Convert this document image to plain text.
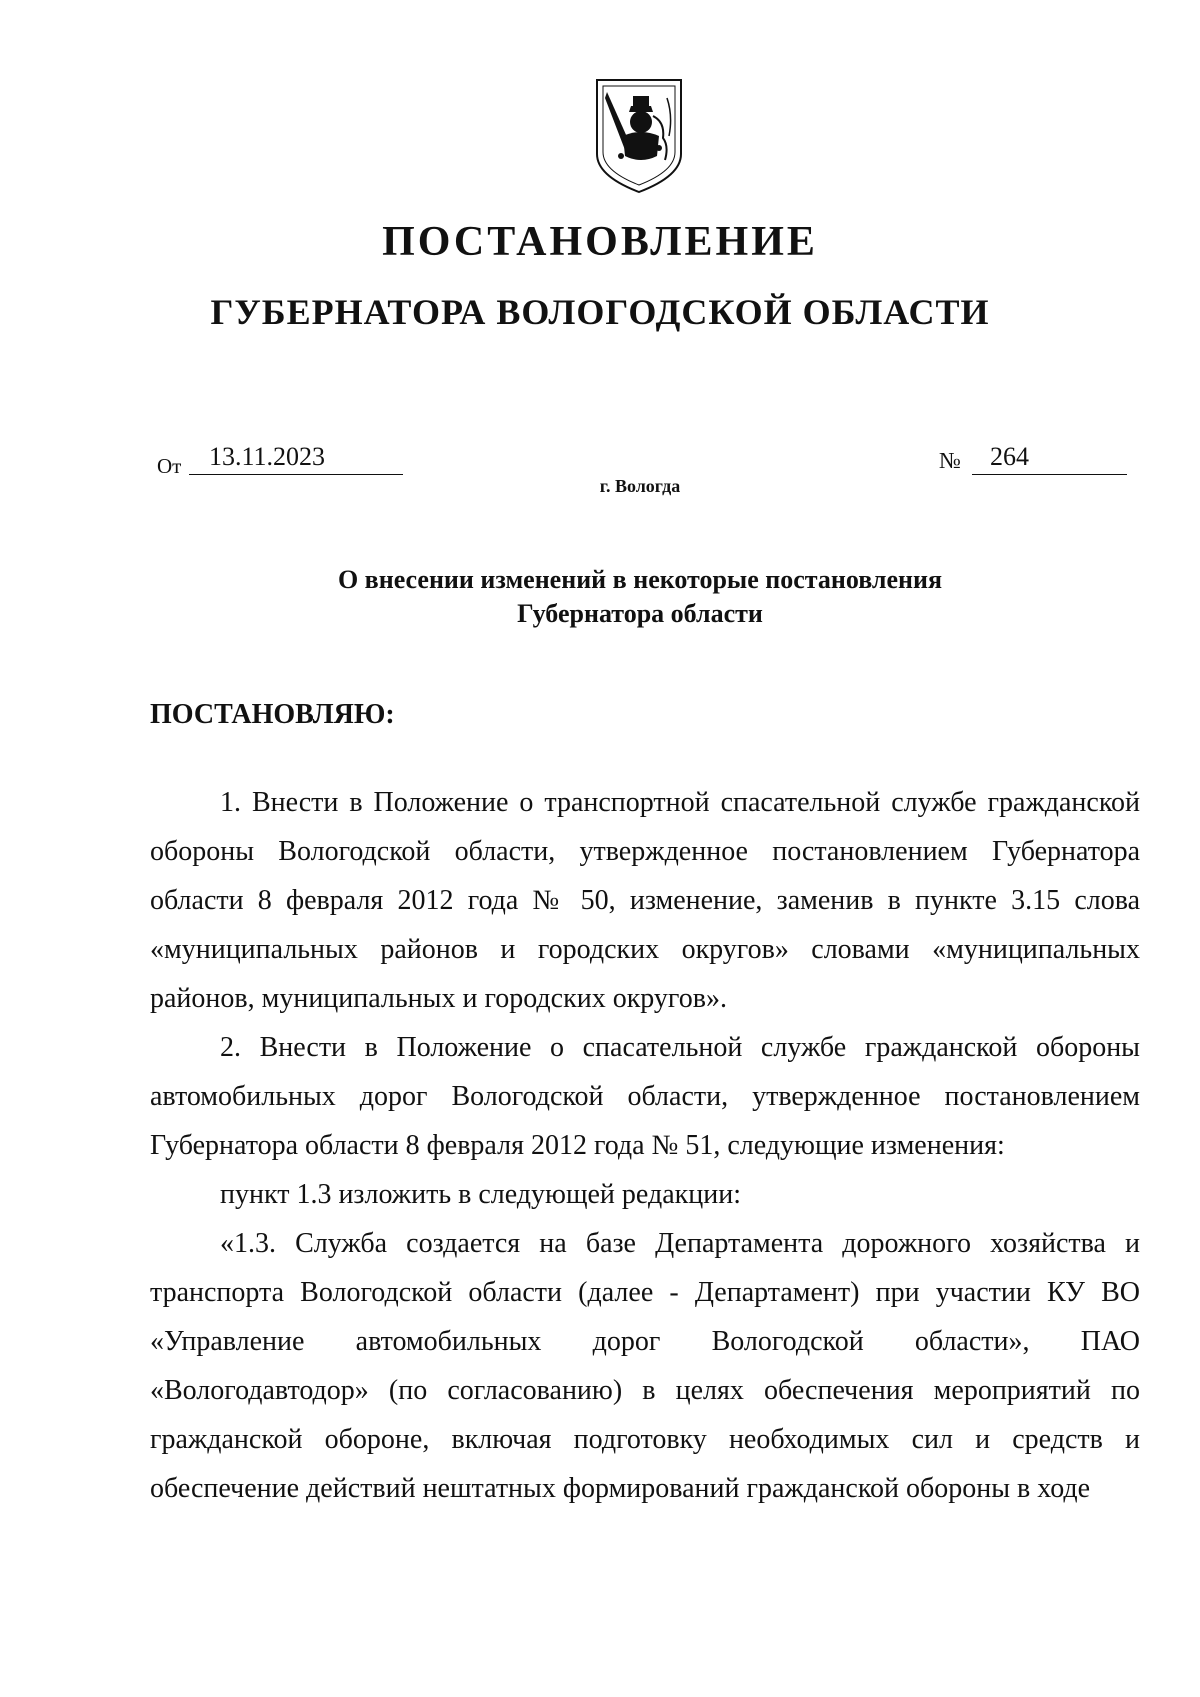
ПОСТАНОВЛЕНИЕ
ГУБЕРНАТОРА ВОЛОГОДСКОЙ ОБЛАСТИ
От	13.11.2023	№	264
г. Вологда
О внесении изменений в некоторые постановления
Губернатора области
ПОСТАНОВЛЯЮ:

1. Внести в Положение о транспортной спасательной службе гражданской обороны Вологодской области, утвержденное постановлением Губернатора области 8 февраля 2012 года № 50, изменение, заменив в пункте 3.15 слова «муниципальных районов и городских округов» словами «муниципальных районов, муниципальных и городских округов».

2. Внести в Положение о спасательной службе гражданской обороны автомобильных дорог Вологодской области, утвержденное постановлением Губернатора области 8 февраля 2012 года № 51, следующие изменения:

пункт 1.3 изложить в следующей редакции:

«1.3. Служба создается на базе Департамента дорожного хозяйства и транспорта Вологодской области (далее - Департамент) при участии КУ ВО «Управление автомобильных дорог Вологодской области», ПАО «Вологодавтодор» (по согласованию) в целях обеспечения мероприятий по гражданской обороне, включая подготовку необходимых сил и средств и обеспечение действий нештатных формирований гражданской обороны в ходе
